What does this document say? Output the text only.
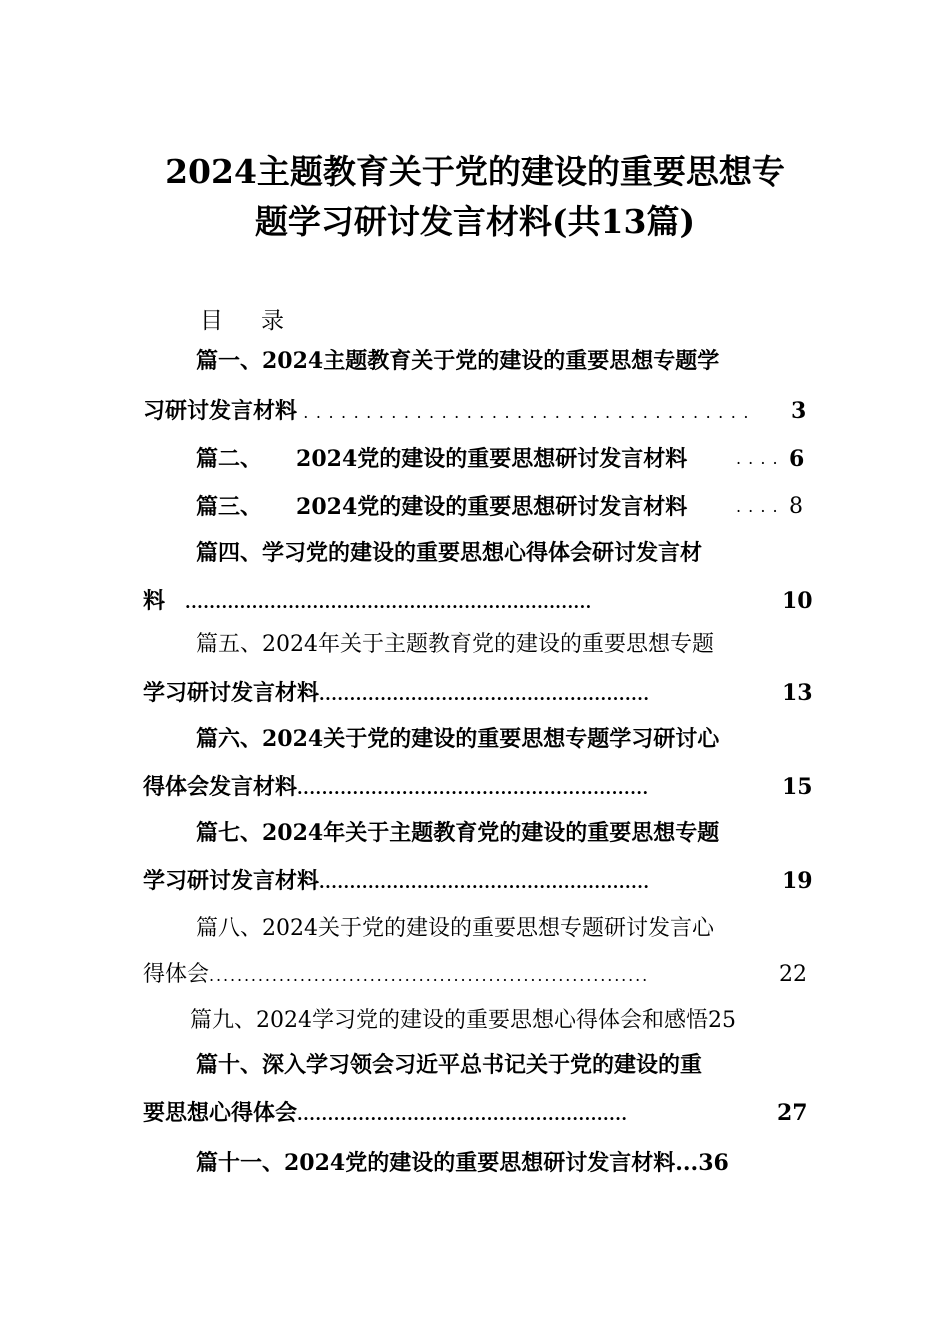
2024主题教育关于党的建设的重要思想专
题学习研讨发言材料(共13篇)
目 录
篇一、2024主题教育关于党的建设的重要思想专题学
习研讨发言材料 . . . . . . . . . . . . . . . . . . . . . . . . . . . . . . . . . . . . 3
篇二、 2024党的建设的重要思想研讨发言材料	. . . . 6
篇三、 2024党的建设的重要思想研讨发言材料	. . . . 8
篇四、学习党的建设的重要思想心得体会研讨发言材
料 ...................................................................	10
篇五、2024年关于主题教育党的建设的重要思想专题
学习研讨发言材料......................................................	13
篇六、2024关于党的建设的重要思想专题学习研讨心
得体会发言材料.........................................................	15
篇七、2024年关于主题教育党的建设的重要思想专题
学习研讨发言材料......................................................	19
篇八、2024关于党的建设的重要思想专题研讨发言心
得体会...............................................................	22
篇九、2024学习党的建设的重要思想心得体会和感悟25
篇十、深入学习领会习近平总书记关于党的建设的重
要思想心得体会......................................................	27
篇十一、2024党的建设的重要思想研讨发言材料...36
